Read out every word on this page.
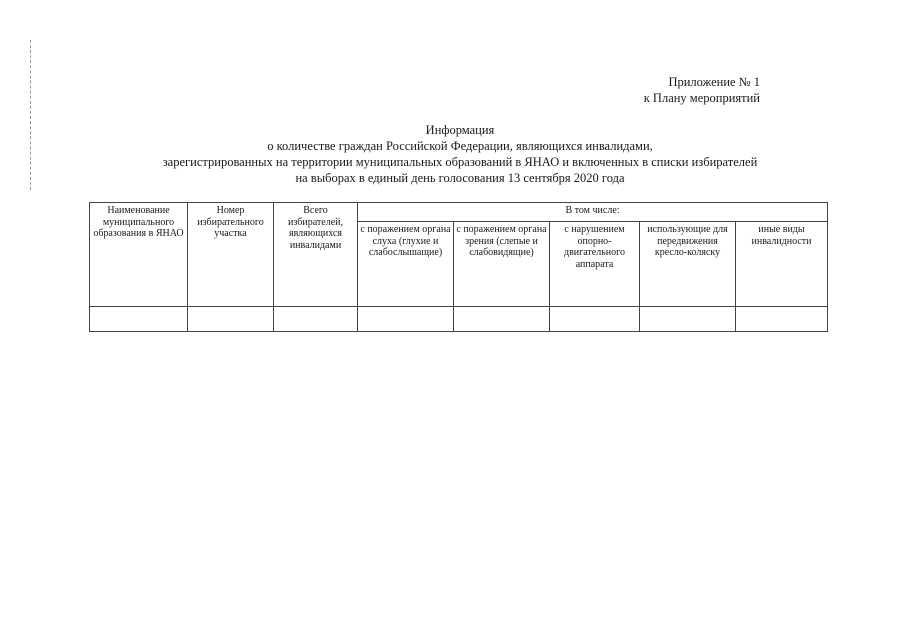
Приложение № 1
к Плану мероприятий
Информация
о количестве граждан Российской Федерации, являющихся инвалидами,
зарегистрированных на территории муниципальных образований в ЯНАО и включенных в списки избирателей
на выборах в единый день голосования 13 сентября 2020 года
Наименование муниципального образования в ЯНАО	Номер избирательного участка	Всего избирателей, являющихся инвалидами	В том числе:				
			с поражением органа слуха (глухие и слабослышащие)	с поражением органа зрения (слепые и слабовидящие)	с нарушением опорно-двигательного аппарата	использующие для передвижения кресло-коляску	иные виды инвалидности
